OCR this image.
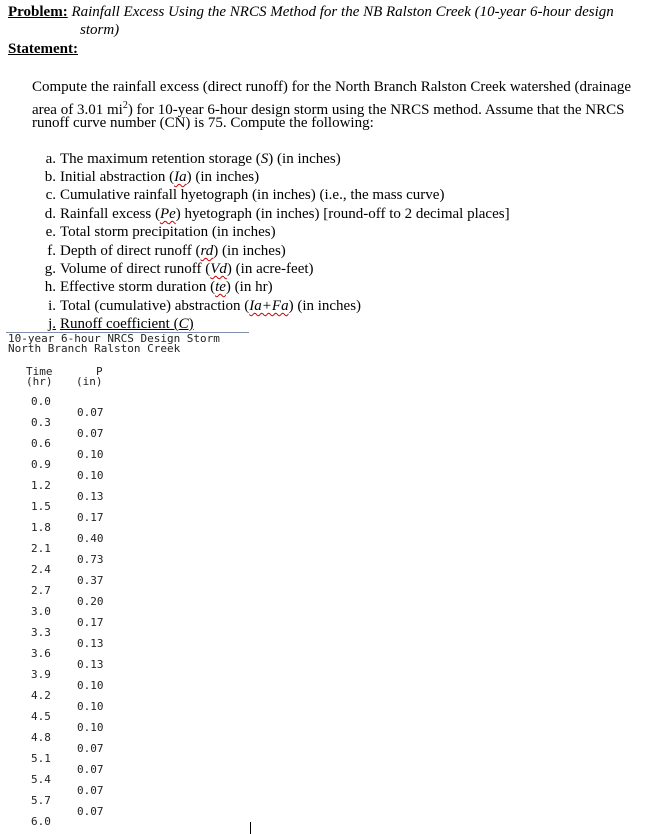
Problem: Rainfall Excess Using the NRCS Method for the NB Ralston Creek (10-year 6-hour design
storm)
Statement:
Compute the rainfall excess (direct runoff) for the North Branch Ralston Creek watershed (drainage
area of 3.01 $mi^2$) for 10-year 6-hour design storm using the NRCS method. Assume that the NRCS
runoff curve number (CN) is 75. Compute the following:
a. The maximum retention storage (S) (in inches)
b. Initial abstraction (Ia) (in inches)
c. Cumulative rainfall hyetograph (in inches) (i.e., the mass curve)
d. Rainfall excess (Pe) hyetograph (in inches) [round-off to 2 decimal places]
e. Total storm precipitation (in inches)
f. Depth of direct runoff (rd) (in inches)
g. Volume of direct runoff (Vd) (in acre-feet)
h. Effective storm duration (te) (in hr)
i. Total (cumulative) abstraction (Ia+Fa) (in inches)
j. Runoff coefficient (C)
10-year 6-hour NRCS Design Storm
North Branch Ralston Creek
Time
(hr)
P
(in)
0.0
0.3
0.6
0.9
1.2
1.5
1.8
2.1
2.4
2.7
3.0
3.3
3.6
3.9
4.2
4.5
4.8
5.1
5.4
5.7
6.0
0.07
0.07
0.10
0.10
0.13
0.17
0.40
0.73
0.37
0.20
0.17
0.13
0.13
0.10
0.10
0.10
0.07
0.07
0.07
0.07
